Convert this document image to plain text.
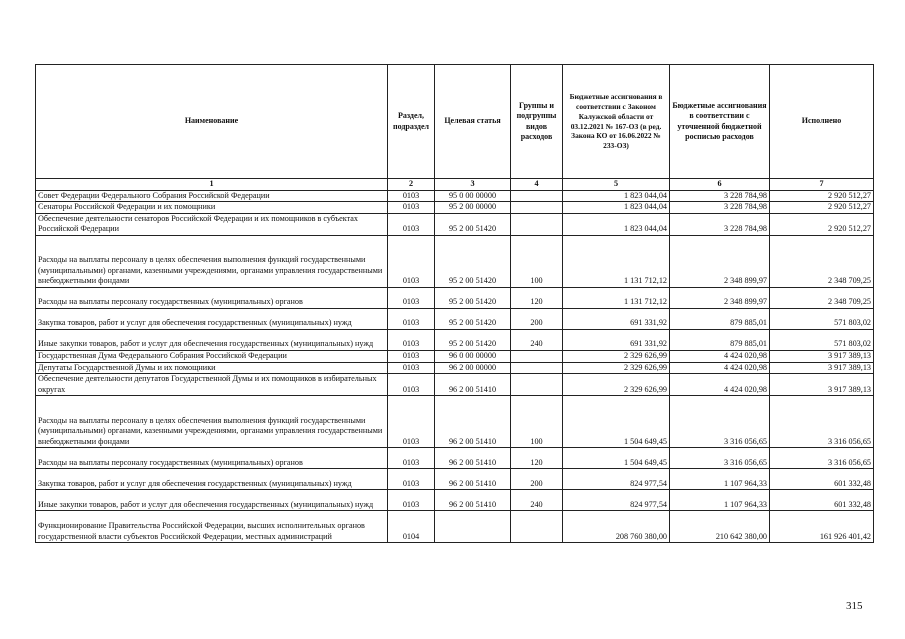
Наименование	Раздел, подраздел	Целевая статья	Группы и подгруппы видов расходов	Бюджетные ассигнования в соответствии с Законом Калужской области от 03.12.2021 № 167-ОЗ (в ред. Закона КО от 16.06.2022 № 233-ОЗ)	Бюджетные ассигнования в соответствии с уточненной бюджетной росписью расходов	Исполнено
1	2	3	4	5	6	7
Совет Федерации Федерального Собрания Российской Федерации	0103	95 0 00 00000		1 823 044,04	3 228 784,98	2 920 512,27
Сенаторы Российской Федерации и их помощники	0103	95 2 00 00000		1 823 044,04	3 228 784,98	2 920 512,27
Обеспечение деятельности сенаторов Российской Федерации и их помощников в субъектах Российской Федерации	0103	95 2 00 51420		1 823 044,04	3 228 784,98	2 920 512,27
Расходы на выплаты персоналу в целях обеспечения выполнения функций государственными (муниципальными) органами, казенными учреждениями, органами управления государственными внебюджетными фондами	0103	95 2 00 51420	100	1 131 712,12	2 348 899,97	2 348 709,25
Расходы на выплаты персоналу государственных (муниципальных) органов	0103	95 2 00 51420	120	1 131 712,12	2 348 899,97	2 348 709,25
Закупка товаров, работ и услуг для обеспечения государственных (муниципальных) нужд	0103	95 2 00 51420	200	691 331,92	879 885,01	571 803,02
Иные закупки товаров, работ и услуг для обеспечения государственных (муниципальных) нужд	0103	95 2 00 51420	240	691 331,92	879 885,01	571 803,02
Государственная Дума Федерального Собрания Российской Федерации	0103	96 0 00 00000		2 329 626,99	4 424 020,98	3 917 389,13
Депутаты Государственной Думы и их помощники	0103	96 2 00 00000		2 329 626,99	4 424 020,98	3 917 389,13
Обеспечение деятельности депутатов Государственной Думы и их помощников в избирательных округах	0103	96 2 00 51410		2 329 626,99	4 424 020,98	3 917 389,13
Расходы на выплаты персоналу в целях обеспечения выполнения функций государственными (муниципальными) органами, казенными учреждениями, органами управления государственными внебюджетными фондами	0103	96 2 00 51410	100	1 504 649,45	3 316 056,65	3 316 056,65
Расходы на выплаты персоналу государственных (муниципальных) органов	0103	96 2 00 51410	120	1 504 649,45	3 316 056,65	3 316 056,65
Закупка товаров, работ и услуг для обеспечения государственных (муниципальных) нужд	0103	96 2 00 51410	200	824 977,54	1 107 964,33	601 332,48
Иные закупки товаров, работ и услуг для обеспечения государственных (муниципальных) нужд	0103	96 2 00 51410	240	824 977,54	1 107 964,33	601 332,48
Функционирование Правительства Российской Федерации, высших исполнительных органов государственной власти субъектов Российской Федерации, местных администраций	0104			208 760 380,00	210 642 380,00	161 926 401,42
315
